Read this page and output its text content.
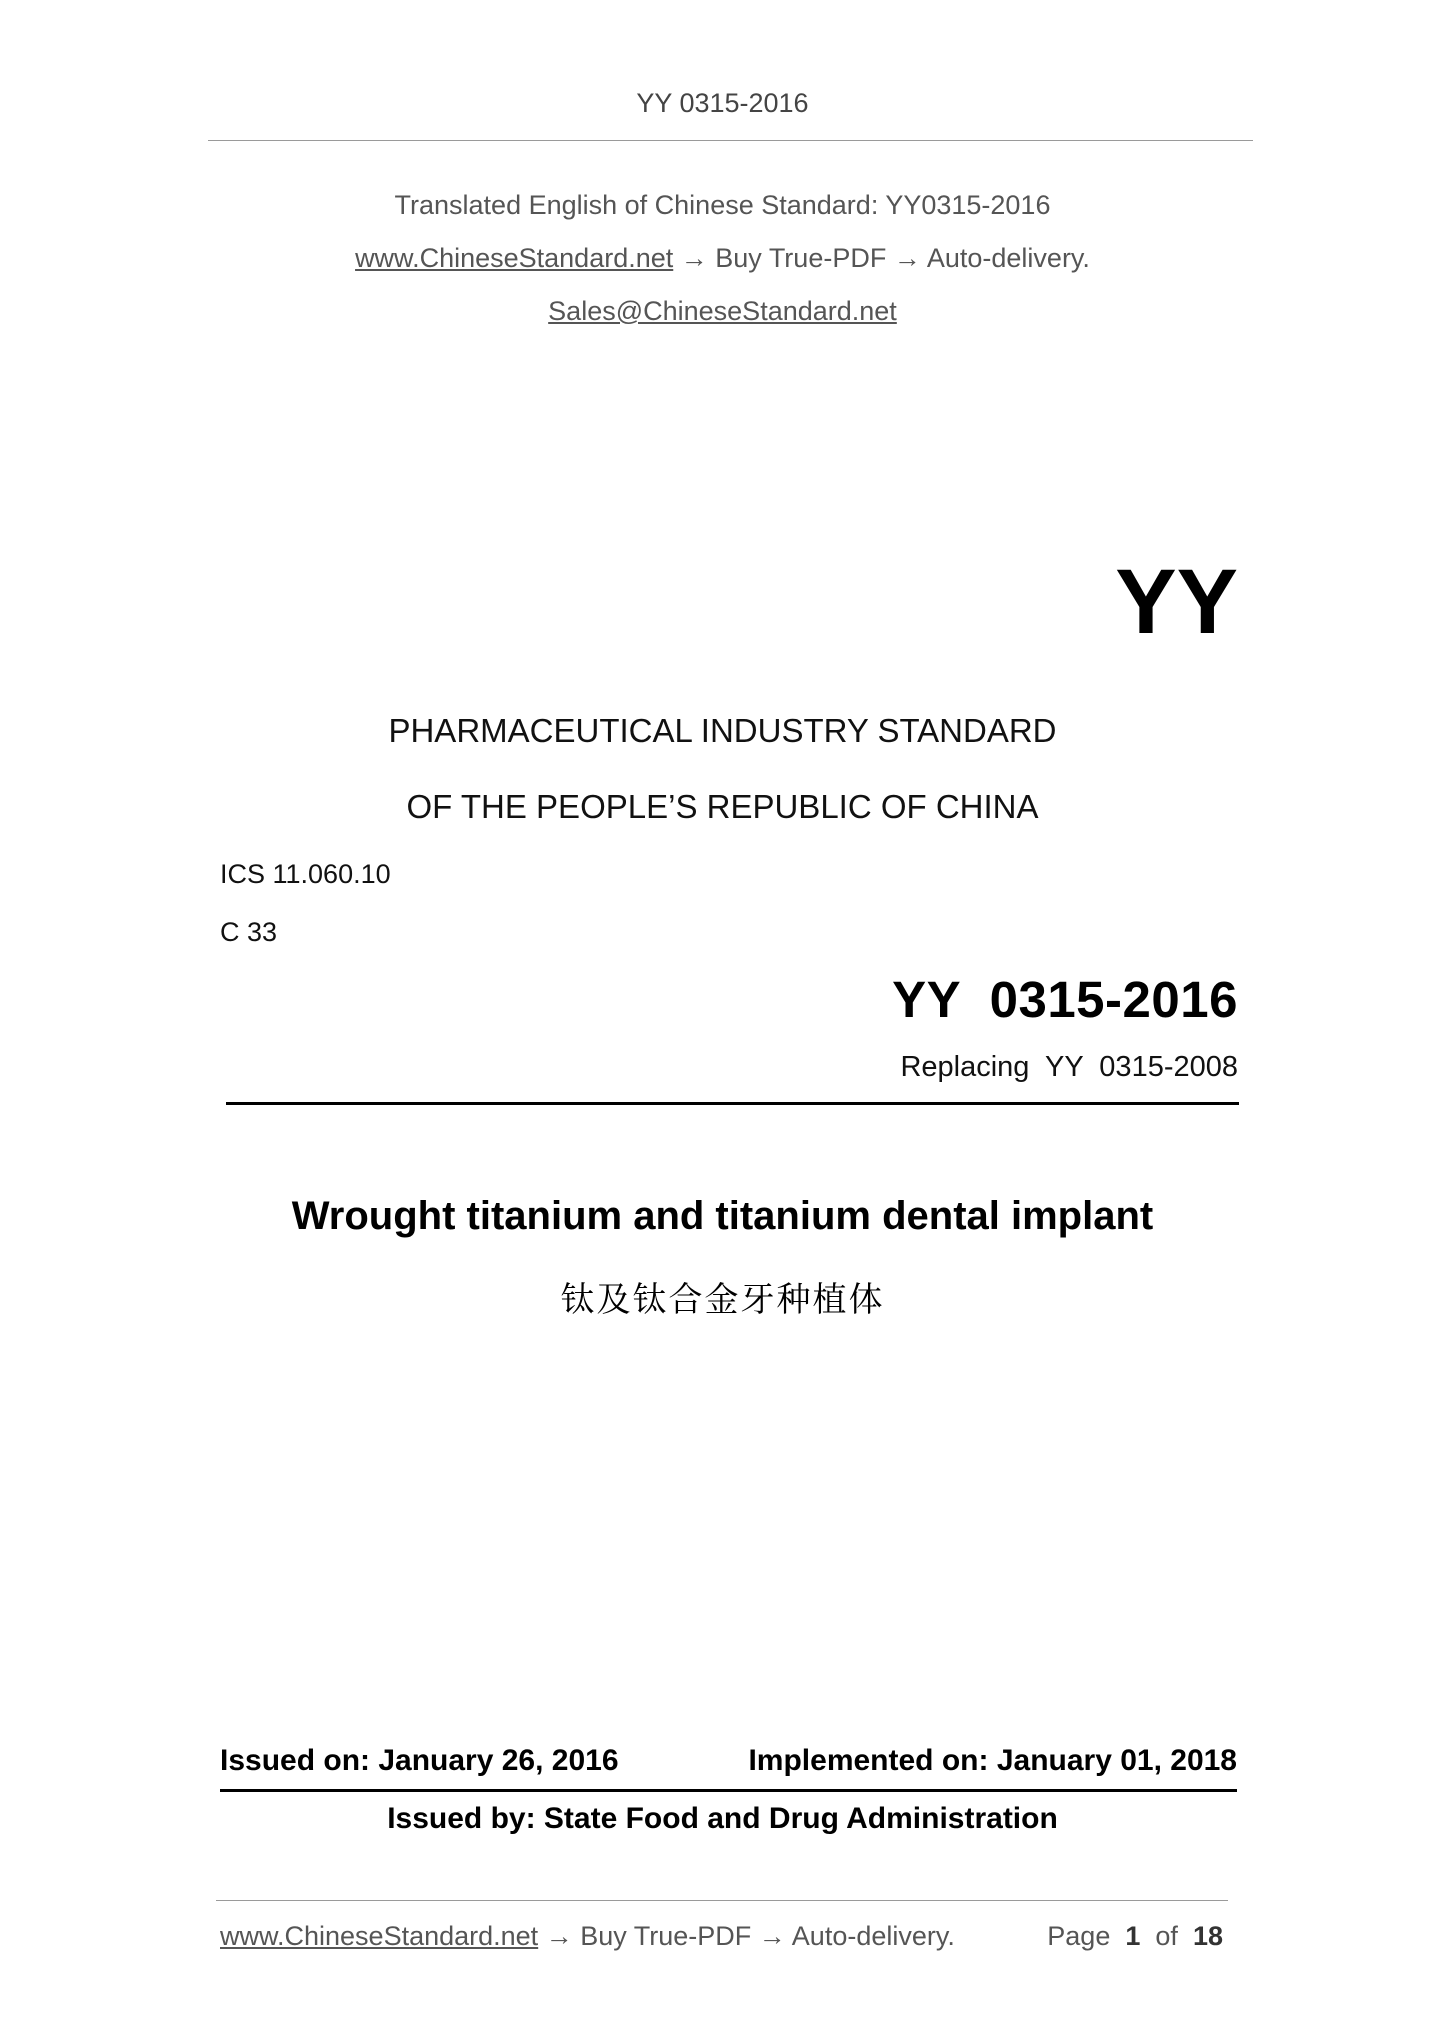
YY 0315-2016
Translated English of Chinese Standard: YY0315-2016
www.ChineseStandard.net → Buy True-PDF → Auto-delivery.
Sales@ChineseStandard.net
YY
PHARMACEUTICAL INDUSTRY STANDARD
OF THE PEOPLE’S REPUBLIC OF CHINA
ICS 11.060.10
C 33
YY  0315-2016
Replacing  YY  0315-2008
Wrought titanium and titanium dental implant
钛及钛合金牙种植体
Issued on: January 26, 2016	Implemented on: January 01, 2018
Issued by: State Food and Drug Administration
www.ChineseStandard.net → Buy True-PDF → Auto-delivery.	Page 1 of 18
